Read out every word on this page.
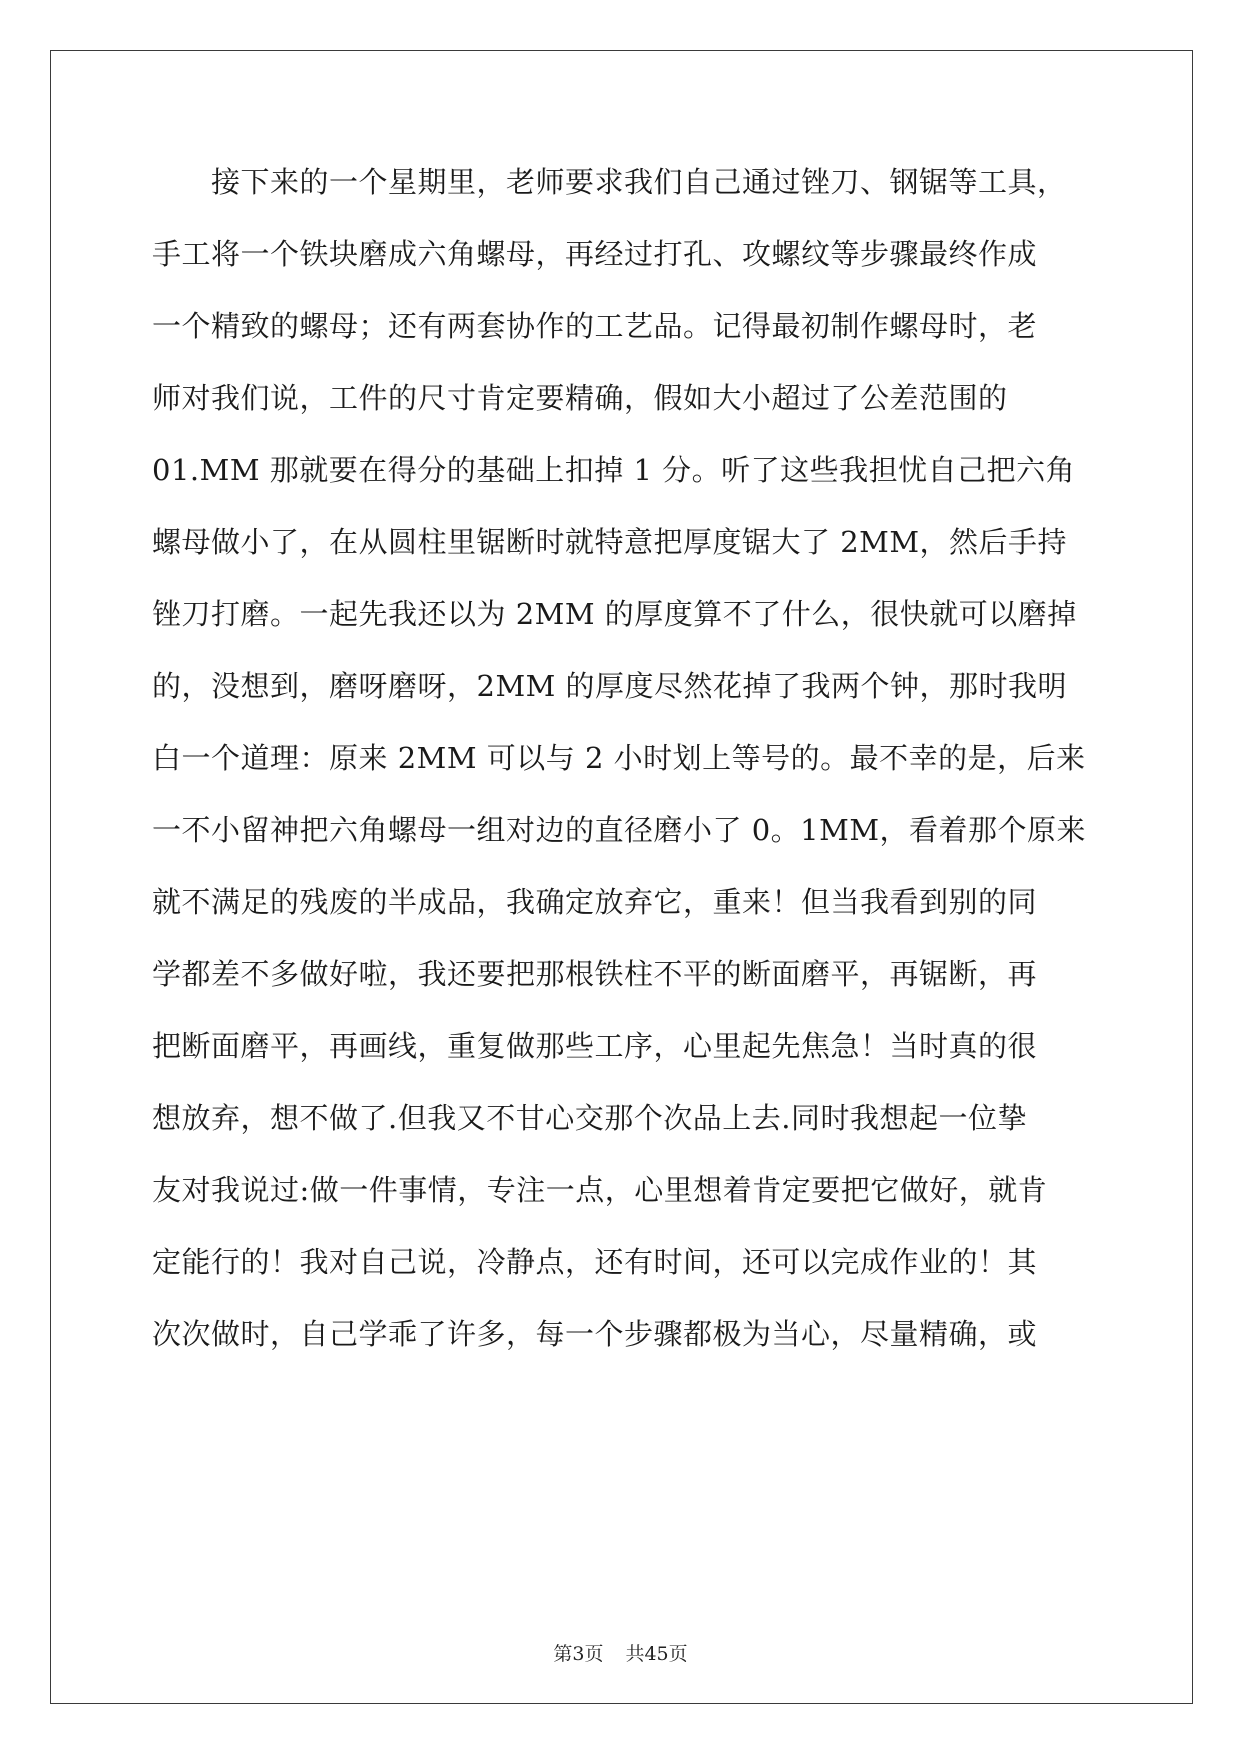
　　接下来的一个星期里，老师要求我们自己通过锉刀、钢锯等工具，
手工将一个铁块磨成六角螺母，再经过打孔、攻螺纹等步骤最终作成
一个精致的螺母；还有两套协作的工艺品。记得最初制作螺母时，老
师对我们说，工件的尺寸肯定要精确，假如大小超过了公差范围的
01.MM 那就要在得分的基础上扣掉 1 分。听了这些我担忧自己把六角
螺母做小了，在从圆柱里锯断时就特意把厚度锯大了 2MM，然后手持
锉刀打磨。一起先我还以为 2MM 的厚度算不了什么，很快就可以磨掉
的，没想到，磨呀磨呀，2MM 的厚度尽然花掉了我两个钟，那时我明
白一个道理：原来 2MM 可以与 2 小时划上等号的。最不幸的是，后来
一不小留神把六角螺母一组对边的直径磨小了 0。1MM，看着那个原来
就不满足的残废的半成品，我确定放弃它，重来！但当我看到别的同
学都差不多做好啦，我还要把那根铁柱不平的断面磨平，再锯断，再
把断面磨平，再画线，重复做那些工序，心里起先焦急！当时真的很
想放弃，想不做了.但我又不甘心交那个次品上去.同时我想起一位挚
友对我说过:做一件事情，专注一点，心里想着肯定要把它做好，就肯
定能行的！我对自己说，冷静点，还有时间，还可以完成作业的！其
次次做时，自己学乖了许多，每一个步骤都极为当心，尽量精确，或
第3页 共45页
